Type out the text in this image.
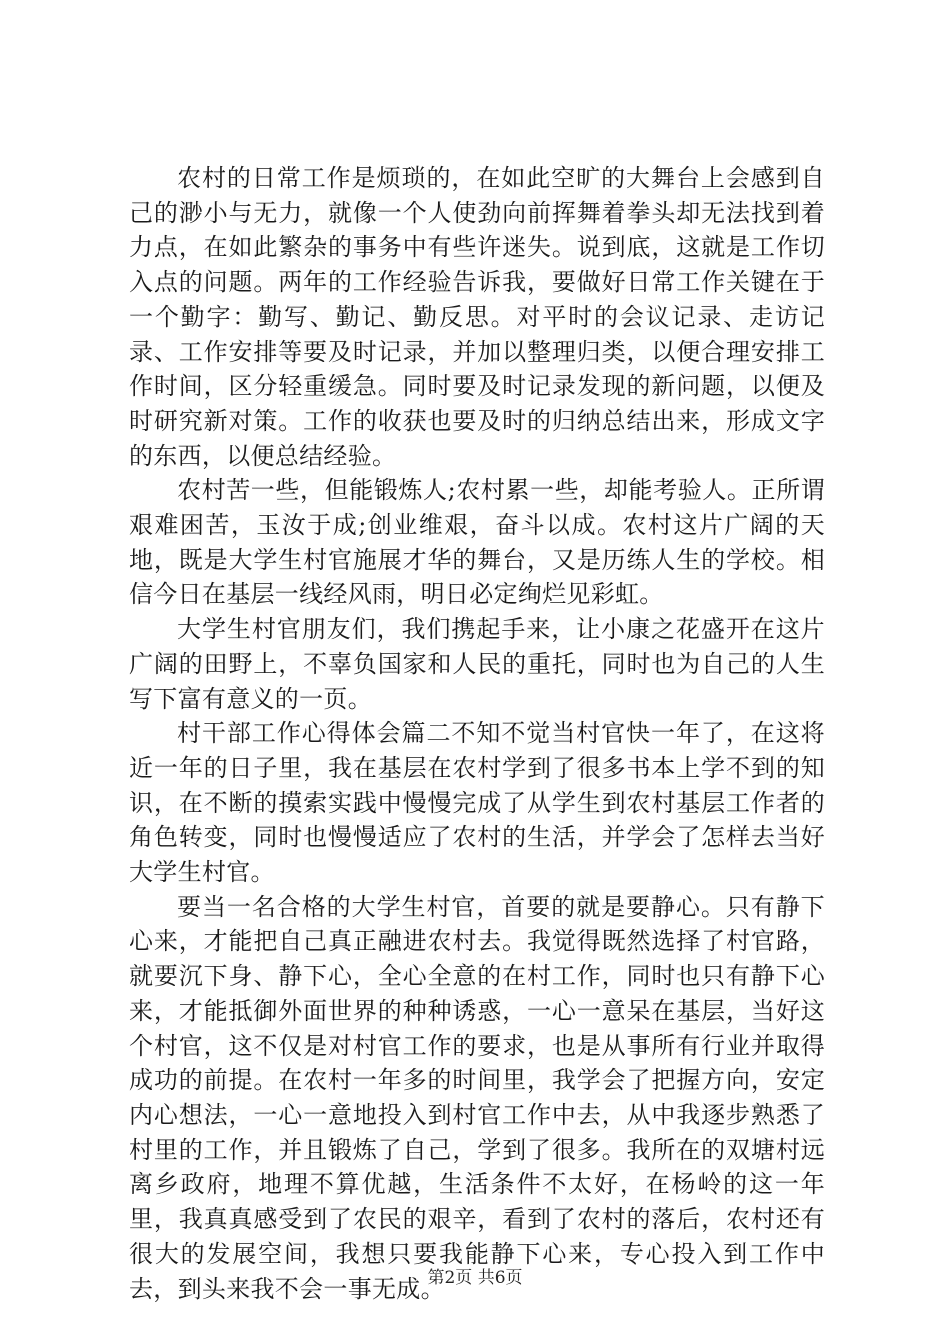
农村的日常工作是烦琐的，在如此空旷的大舞台上会感到自己的渺小与无力，就像一个人使劲向前挥舞着拳头却无法找到着力点，在如此繁杂的事务中有些许迷失。说到底，这就是工作切入点的问题。两年的工作经验告诉我，要做好日常工作关键在于一个勤字：勤写、勤记、勤反思。对平时的会议记录、走访记录、工作安排等要及时记录，并加以整理归类，以便合理安排工作时间，区分轻重缓急。同时要及时记录发现的新问题，以便及时研究新对策。工作的收获也要及时的归纳总结出来，形成文字的东西，以便总结经验。

农村苦一些，但能锻炼人;农村累一些，却能考验人。正所谓艰难困苦，玉汝于成;创业维艰，奋斗以成。农村这片广阔的天地，既是大学生村官施展才华的舞台，又是历练人生的学校。相信今日在基层一线经风雨，明日必定绚烂见彩虹。

大学生村官朋友们，我们携起手来，让小康之花盛开在这片广阔的田野上，不辜负国家和人民的重托，同时也为自己的人生写下富有意义的一页。

村干部工作心得体会篇二不知不觉当村官快一年了，在这将近一年的日子里，我在基层在农村学到了很多书本上学不到的知识，在不断的摸索实践中慢慢完成了从学生到农村基层工作者的角色转变，同时也慢慢适应了农村的生活，并学会了怎样去当好大学生村官。

要当一名合格的大学生村官，首要的就是要静心。只有静下心来，才能把自己真正融进农村去。我觉得既然选择了村官路，就要沉下身、静下心，全心全意的在村工作，同时也只有静下心来，才能抵御外面世界的种种诱惑，一心一意呆在基层，当好这个村官，这不仅是对村官工作的要求，也是从事所有行业并取得成功的前提。在农村一年多的时间里，我学会了把握方向，安定内心想法，一心一意地投入到村官工作中去，从中我逐步熟悉了村里的工作，并且锻炼了自己，学到了很多。我所在的双塘村远离乡政府，地理不算优越，生活条件不太好，在杨岭的这一年里，我真真感受到了农民的艰辛，看到了农村的落后，农村还有很大的发展空间，我想只要我能静下心来，专心投入到工作中去，到头来我不会一事无成。

第2页 共6页
